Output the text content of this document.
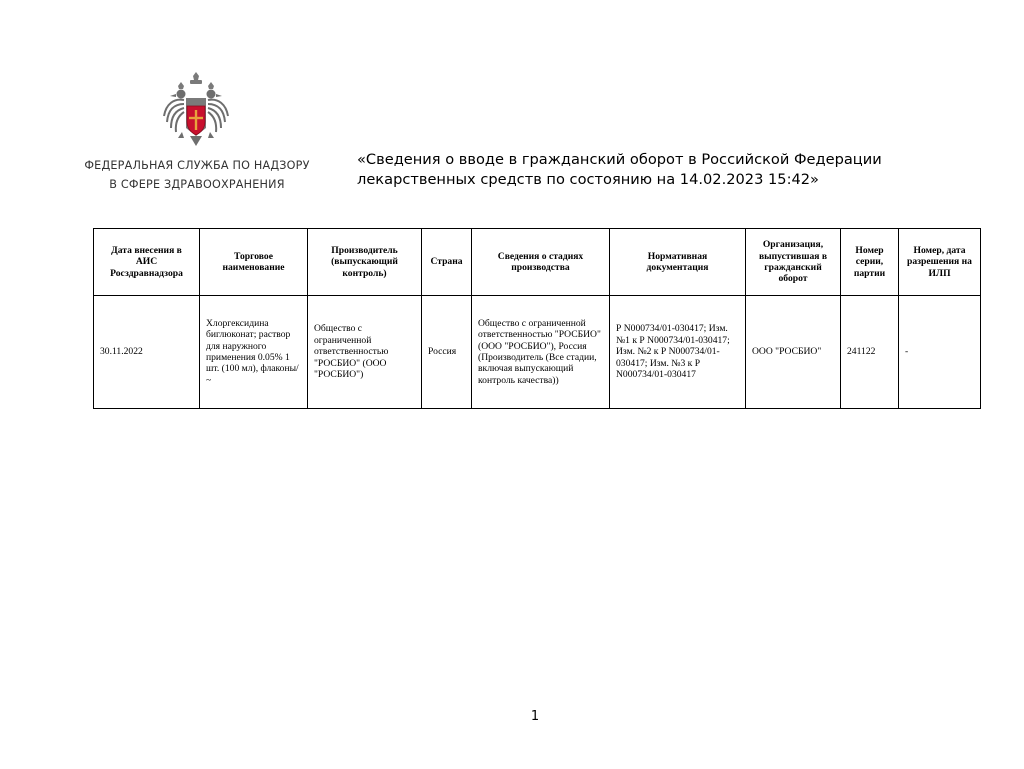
ФЕДЕРАЛЬНАЯ СЛУЖБА ПО НАДЗОРУ
В СФЕРЕ ЗДРАВООХРАНЕНИЯ
«Сведения о вводе в гражданский оборот в Российской Федерации
лекарственных средств по состоянию на 14.02.2023 15:42»
Дата внесения в АИС Росздравнадзора	Торговое наименование	Производитель (выпускающий контроль)	Страна	Сведения о стадиях производства	Нормативная документация	Организация, выпустившая в гражданский оборот	Номер серии, партии	Номер, дата разрешения на ИЛП
30.11.2022	Хлоргексидина биглюконат; раствор для наружного применения 0.05% 1 шт. (100 мл), флаконы/ ~	Общество с ограниченной ответственностью "РОСБИО" (ООО "РОСБИО")	Россия	Общество с ограниченной ответственностью "РОСБИО" (ООО "РОСБИО"), Россия (Производитель (Все стадии, включая выпускающий контроль качества))	Р N000734/01-030417; Изм. №1 к Р N000734/01-030417; Изм. №2 к Р N000734/01-030417; Изм. №3 к Р N000734/01-030417	ООО "РОСБИО"	241122	-
1
